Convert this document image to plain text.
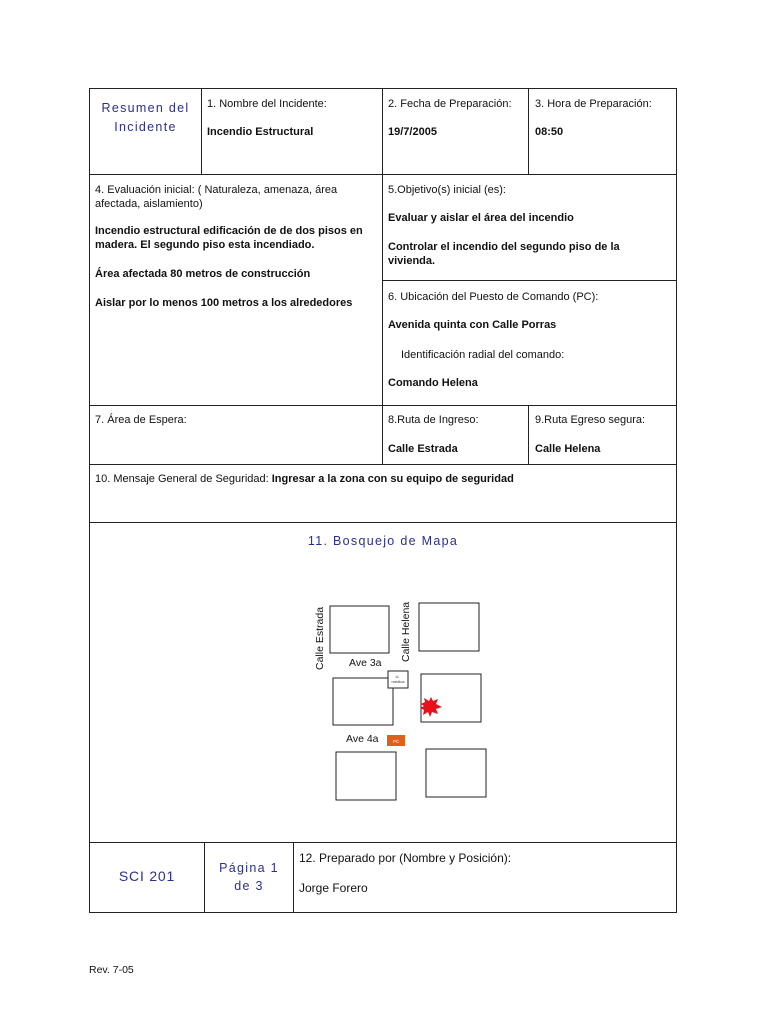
Resumen del
Incidente
1. Nombre del Incidente:
Incendio Estructural
2. Fecha de Preparación:
19/7/2005
3. Hora de Preparación:
08:50
4. Evaluación inicial: ( Naturaleza, amenaza, área afectada, aislamiento)
Incendio estructural edificación de de dos pisos en madera. El segundo piso esta incendiado.
Área afectada 80 metros de construcción
Aislar por lo menos 100 metros a los alrededores
5.Objetivo(s) inicial (es):
Evaluar y aislar el área del incendio
Controlar el incendio del segundo piso de la vivienda.
6. Ubicación del Puesto de Comando (PC):
Avenida quinta con Calle Porras
Identificación radial del comando:
Comando Helena
7. Área de Espera:	8.Ruta de Ingreso:
Calle Estrada
9.Ruta Egreso segura:
Calle Helena
10. Mensaje General de Seguridad: Ingresar a la zona con su equipo de seguridad
11. Bosquejo de Mapa
Calle Estrada	Calle Helena
Ave 3a
Ave 4a
U. médica
PC
SCI 201	Página 1
de 3
12. Preparado por (Nombre y Posición):
Jorge Forero
Rev. 7-05
